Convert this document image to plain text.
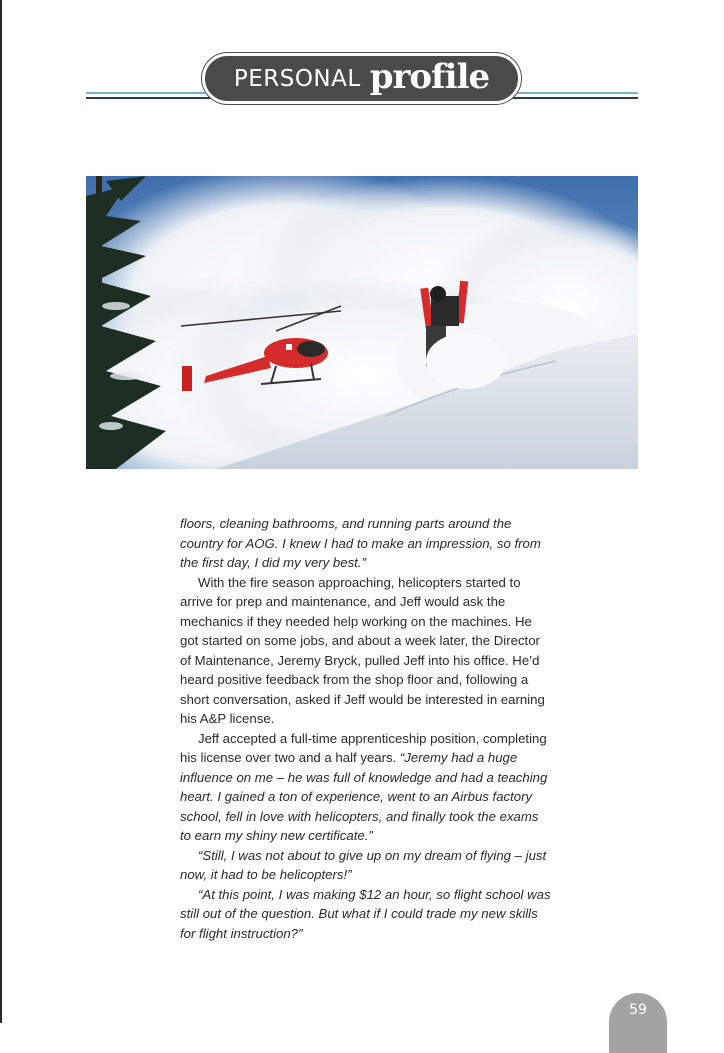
PERSONAL profile

floors, cleaning bathrooms, and running parts around the country for AOG. I knew I had to make an impression, so from the first day, I did my very best.”

With the fire season approaching, helicopters started to arrive for prep and maintenance, and Jeff would ask the mechanics if they needed help working on the machines. He got started on some jobs, and about a week later, the Director of Maintenance, Jeremy Bryck, pulled Jeff into his office. He’d heard positive feedback from the shop floor and, following a short conversation, asked if Jeff would be interested in earning his A&P license.

Jeff accepted a full-time apprenticeship position, completing his license over two and a half years. “Jeremy had a huge influence on me – he was full of knowledge and had a teaching heart. I gained a ton of experience, went to an Airbus factory school, fell in love with helicopters, and finally took the exams to earn my shiny new certificate.”

“Still, I was not about to give up on my dream of flying – just now, it had to be helicopters!”

“At this point, I was making $12 an hour, so flight school was still out of the question. But what if I could trade my new skills for flight instruction?”

59
